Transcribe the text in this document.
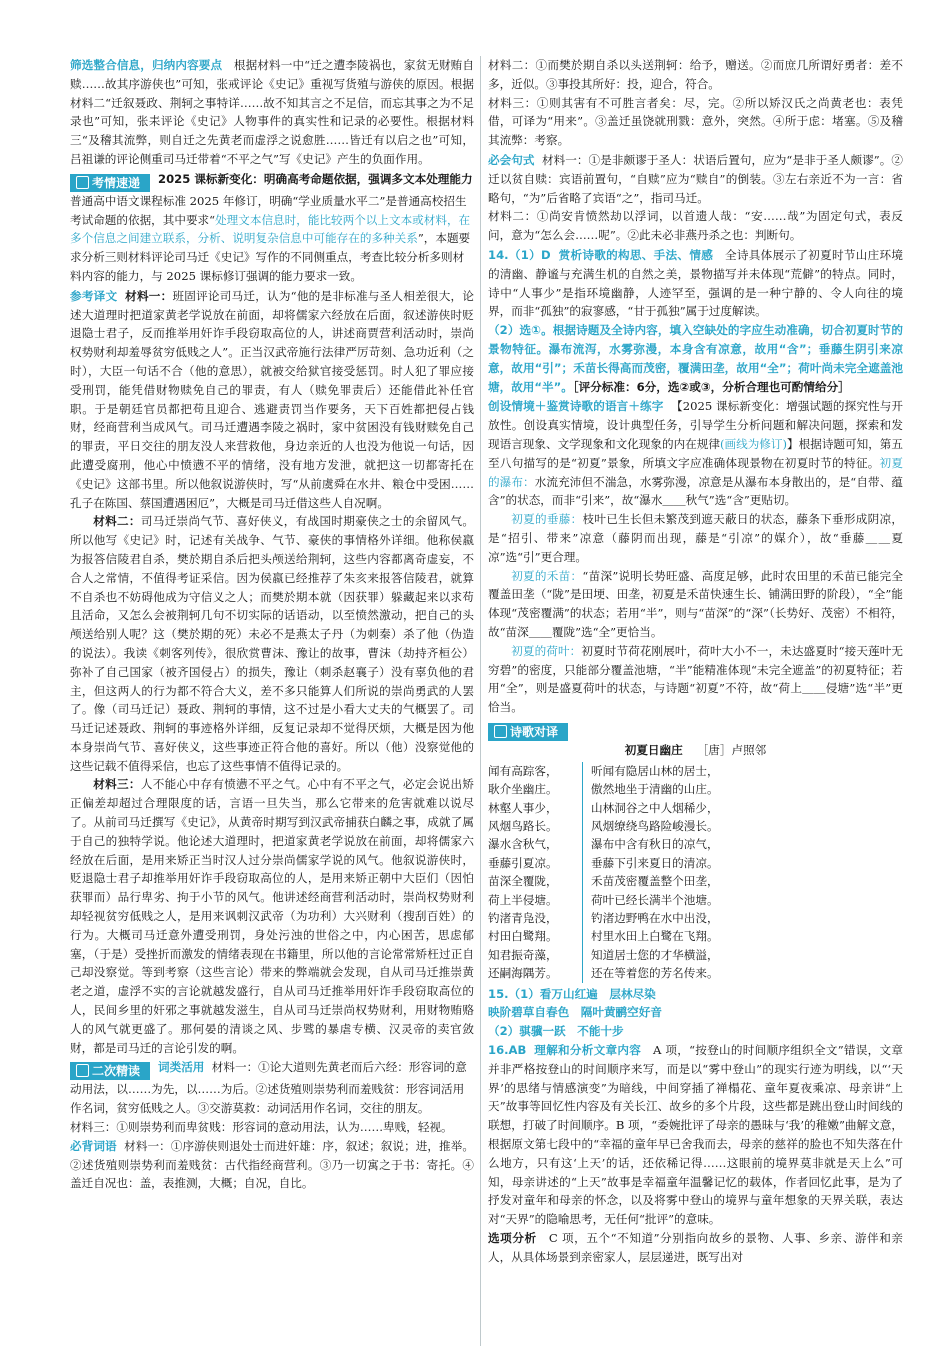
筛选整合信息，归纳内容要点　根据材料一中“迁之遭李陵祸也，家贫无财贿自赎……故其序游侠也”可知，张戒评论《史记》重视写货殖与游侠的原因。根据材料二“迁叙聂政、荆轲之事特详……故不知其言之不足信，而忘其事之为不足录也”可知，张耒评论《史记》人物事件的真实性和记录的必要性。根据材料三“及稽其流弊，则自迁之先黄老而虚浮之说愈胜……皆迁有以启之也”可知，吕祖谦的评论侧重司马迁带着“不平之气”写《史记》产生的负面作用。

考情速递 2025 课标新变化：明确高考命题依据，强调多文本处理能力　普通高中语文课程标准 2025 年修订，明确“学业质量水平二”是普通高校招生考试命题的依据，其中要求“处理文本信息时，能比较两个以上文本或材料，在多个信息之间建立联系，分析、说明复杂信息中可能存在的多种关系”，本题要求分析三则材料评论司马迁《史记》写作的不同侧重点，考查比较分析多则材料内容的能力，与 2025 课标修订强调的能力要求一致。

参考译文 材料一：班固评论司马迁，认为“他的是非标准与圣人相差很大，论述大道理时把道家黄老学说放在前面，却将儒家六经放在后面，叙述游侠时贬退隐士君子，反而推举用奸诈手段窃取高位的人，讲述商贾营利活动时，崇尚权势财利却羞辱贫穷低贱之人”。正当汉武帝施行法律严厉苛刻、急功近利（之时），大臣一句话不合（他的意思），就被交给狱官接受惩罚。时人犯了罪应接受刑罚，能凭借财物赎免自己的罪责，有人（赎免罪责后）还能借此补任官职。于是朝廷官员都把苟且迎合、逃避责罚当作要务，天下百姓都把侵占钱财，经商营利当成风气。司马迁遭遇李陵之祸时，家中贫困没有钱财赎免自己的罪责，平日交往的朋友没人来营救他，身边亲近的人也没为他说一句话，因此遭受腐刑，他心中愤懑不平的情绪，没有地方发泄，就把这一切都寄托在《史记》这部书里。所以他叙说游侠时，写“从前虞舜在水井、粮仓中受困……孔子在陈国、蔡国遭遇困厄”，大概是司马迁借这些人自况啊。

材料二：司马迁崇尚气节、喜好侠义，有战国时期豪侠之士的余留风气。所以他写《史记》时，记述有关战争、气节、豪侠的事情格外详细。他称侯嬴为报答信陵君自杀，樊於期自杀后把头颅送给荆轲，这些内容都离奇虚妄，不合人之常情，不值得考证采信。因为侯嬴已经推荐了朱亥来报答信陵君，就算不自杀也不妨碍他成为守信义之人；而樊於期本就（因获罪）躲藏起来以求苟且活命，又怎么会被荆轲几句不切实际的话语动，以至愤然激动，把自己的头颅送给别人呢？这（樊於期的死）未必不是燕太子丹（为刺秦）杀了他（伪造的说法）。我读《刺客列传》，很欣赏曹沫、豫让的故事，曹沫（劫持齐桓公）弥补了自己国家（被齐国侵占）的损失，豫让（刺杀赵襄子）没有辜负他的君主，但这两人的行为都不符合大义，差不多只能算人们所说的崇尚勇武的人罢了。像（司马迁记）聂政、荆轲的事情，这不过是小看大丈夫的气概罢了。司马迁记述聂政、荆轲的事迹格外详细，反复记录却不觉得厌烦，大概是因为他本身崇尚气节、喜好侠义，这些事迹正符合他的喜好。所以（他）没察觉他的这些记载不值得采信，也忘了这些事情不值得记录的。

材料三：人不能心中存有愤懑不平之气。心中有不平之气，必定会说出矫正偏差却超过合理限度的话，言语一旦失当，那么它带来的危害就难以说尽了。从前司马迁撰写《史记》，从黄帝时期写到汉武帝捕获白麟之事，成就了属于自己的独特学说。他论述大道理时，把道家黄老学说放在前面，却将儒家六经放在后面，是用来矫正当时汉人过分崇尚儒家学说的风气。他叙说游侠时，贬退隐士君子却推举用奸诈手段窃取高位的人，是用来矫正朝中大臣们（因怕获罪而）品行卑劣、拘于小节的风气。他讲述经商营利活动时，崇尚权势财利却轻视贫穷低贱之人，是用来讽刺汉武帝（为功利）大兴财利（搜刮百姓）的行为。大概司马迁意外遭受刑罚，身处污浊的世俗之中，内心困苦，思虑郁塞，（于是）受挫折而激发的情绪表现在书籍里，所以他的言论常常矫枉过正自己却没察觉。等到考察（这些言论）带来的弊端就会发现，自从司马迁推崇黄老之道，虚浮不实的言论就越发盛行，自从司马迁推举用奸诈手段窃取高位的人，民间乡里的奸邪之事就越发滋生，自从司马迁崇尚权势财利，用财物贿赂人的风气就更盛了。那何晏的清谈之风、步骘的暴虐专横、汉灵帝的卖官敛财，都是司马迁的言论引发的啊。

二次精读 词类活用 材料一：①论大道则先黄老而后六经：形容词的意动用法，以……为先，以……为后。②述货殖则崇势利而羞贱贫：形容词活用作名词，贫穷低贱之人。③交游莫救：动词活用作名词，交往的朋友。

材料三：①则崇势利而卑贫贱：形容词的意动用法，认为……卑贱，轻视。

必背词语 材料一：①序游侠则退处士而进奸雄：序，叙述；叙说；进，推举。②述货殖则崇势利而羞贱贫：古代指经商营利。③乃一切寓之于书：寄托。④盖迁自况也：盖，表推测，大概；自况，自比。

材料二：①而樊於期自杀以头送荆轲：给予，赠送。②而庶几所谓好勇者：差不多，近似。③事投其所好：投，迎合，符合。

材料三：①则其害有不可胜言者矣：尽，完。②所以矫汉氏之尚黄老也：表凭借，可译为“用来”。③盖迁虽饶就刑戮：意外，突然。④所于虑：堵塞。⑤及稽其流弊：考察。

必会句式 材料一：①是非颇谬于圣人：状语后置句，应为“是非于圣人颇谬”。②迁以贫自赎：宾语前置句，“自赎”应为“赎自”的倒装。③左右亲近不为一言：省略句，“为”后省略了宾语“之”，指司马迁。

材料二：①尚安肯愤然劫以浮词，以首遗人哉：“安……哉”为固定句式，表反问，意为“怎么会……呢”。②此未必非燕丹杀之也：判断句。

14.（1）D 赏析诗歌的构思、手法、情感　全诗具体展示了初夏时节山庄环境的清幽、静谧与充满生机的自然之美，景物描写并未体现“荒僻”的特点。同时，诗中“人事少”是指环境幽静，人迹罕至，强调的是一种宁静的、令人向往的境界，而非“孤独”的寂寥感，“甘于孤独”属于过度解读。

（2）选①。根据诗题及全诗内容，填入空缺处的字应生动准确，切合初夏时节的景物特征。瀑布流泻，水雾弥漫，本身含有凉意，故用“含”；垂藤生阴引来凉意，故用“引”；禾苗长得高而茂密，覆满田垄，故用“全”；荷叶尚未完全遮盖池塘，故用“半”。［评分标准：6分，选②或③，分析合理也可酌情给分］

创设情境＋鉴赏诗歌的语言＋练字 【2025 课标新变化：增强试题的探究性与开放性。创设真实情境，设计典型任务，引导学生分析问题和解决问题，探索和发现语言现象、文学现象和文化现象的内在规律(画线为修订)】根据诗题可知，第五至八句描写的是“初夏”景象，所填文字应准确体现景物在初夏时节的特征。初夏的瀑布：水流充沛但不湍急，水雾弥漫，凉意是从瀑布本身散出的，是“自带、蕴含”的状态，而非“引来”，故“瀑水＿＿秋气”选“含”更贴切。

初夏的垂藤：枝叶已生长但未繁茂到遮天蔽日的状态，藤条下垂形成阴凉，是“招引、带来”凉意（藤阴而出现，藤是“引凉”的媒介），故“垂藤＿＿夏凉”选“引”更合理。

初夏的禾苗：“苗深”说明长势旺盛、高度足够，此时农田里的禾苗已能完全覆盖田垄（“陇”是田埂、田垄，初夏是禾苗快速生长、铺满田野的阶段），“全”能体现“茂密覆满”的状态；若用“半”，则与“苗深”的“深”（长势好、茂密）不相符，故“苗深＿＿覆陇”选“全”更恰当。

初夏的荷叶：初夏时节荷花刚展叶，荷叶大小不一，未达盛夏时“接天莲叶无穷碧”的密度，只能部分覆盖池塘，“半”能精准体现“未完全遮盖”的初夏特征；若用“全”，则是盛夏荷叶的状态，与诗题“初夏”不符，故“荷上＿＿侵塘”选“半”更恰当。

诗歌对译
初夏日幽庄 ［唐］卢照邻
闻有高踪客，	听闻有隐居山林的居士，
耿介坐幽庄。	傲然地坐于清幽的山庄。
林壑人事少，	山林洞谷之中人烟稀少，
风烟鸟路长。	风烟缭绕鸟路险峻漫长。
瀑水含秋气，	瀑布中含有秋日的凉气，
垂藤引夏凉。	垂藤下引来夏日的清凉。
苗深全覆陇，	禾苗茂密覆盖整个田垄，
荷上半侵塘。	荷叶已经长满半个池塘。
钓渚青凫没，	钓渚边野鸭在水中出没，
村田白鹭翔。	村里水田上白鹭在飞翔。
知君振奇藻，	知道居士您的才华横溢，
还嗣海隅芳。	还在等着您的芳名传来。

15.（1）看万山红遍　层林尽染

映阶碧草自春色　隔叶黄鹂空好音

（2）骐骥一跃　不能十步

16.AB 理解和分析文章内容　A 项，“按登山的时间顺序组织全文”错误，文章并非严格按登山的时间顺序来写，而是以“雾中登山”的现实行迹为明线，以“‘天界’的思绪与情感演变”为暗线，中间穿插了禅榻花、童年夏夜乘凉、母亲讲“上天”故事等回忆性内容及有关长江、故乡的多个片段，这些都是跳出登山时间线的联想，打破了时间顺序。B 项，“委婉批评了母亲的愚昧与‘我’的稚嫩”曲解文意，根据原文第七段中的“幸福的童年早已舍我而去，母亲的慈祥的脸也不知失落在什么地方，只有这‘上天’的话，还依稀记得……这眼前的境界莫非就是天上么”可知，母亲讲述的“上天”故事是幸福童年温馨记忆的载体，作者回忆此事，是为了抒发对童年和母亲的怀念，以及将雾中登山的境界与童年想象的天界关联，表达对“天界”的隐喻思考，无任何“批评”的意味。

选项分析　C 项，五个“不知道”分别指向故乡的景物、人事、乡亲、游伴和亲人，从具体场景到亲密家人，层层递进，既写出对
